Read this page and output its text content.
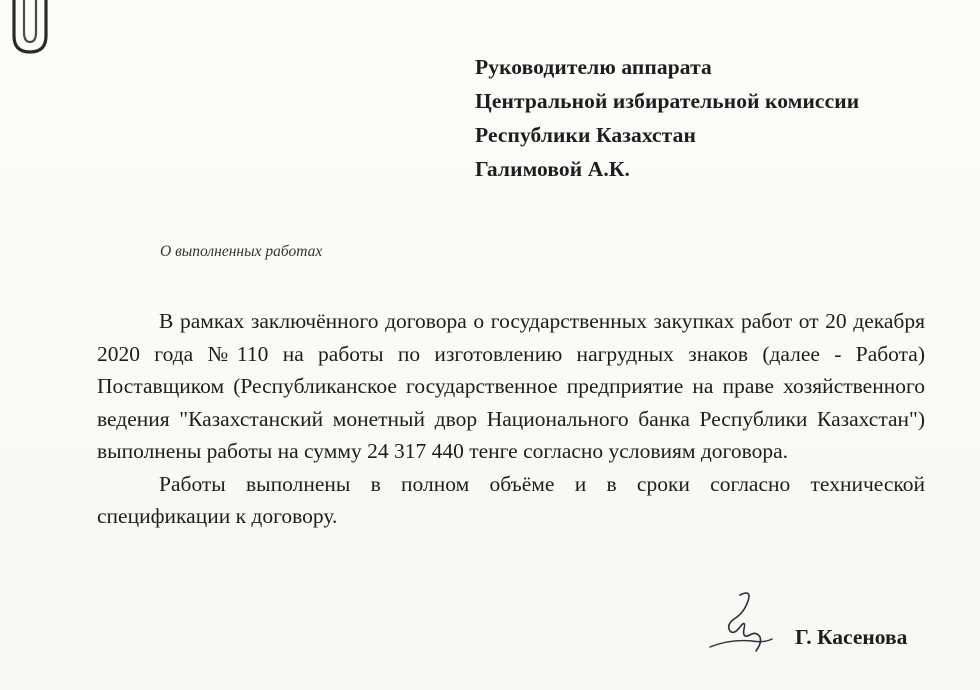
Руководителю аппарата
Центральной избирательной комиссии
Республики Казахстан
Галимовой А.К.
О выполненных работах

В рамках заключённого договора о государственных закупках работ от 20 декабря 2020 года №110 на работы по изготовлению нагрудных знаков (далее - Работа) Поставщиком (Республиканское государственное предприятие на праве хозяйственного ведения "Казахстанский монетный двор Национального банка Республики Казахстан") выполнены работы на сумму 24 317 440 тенге согласно условиям договора.

Работы выполнены в полном объёме и в сроки согласно технической спецификации к договору.

Г. Касенова
